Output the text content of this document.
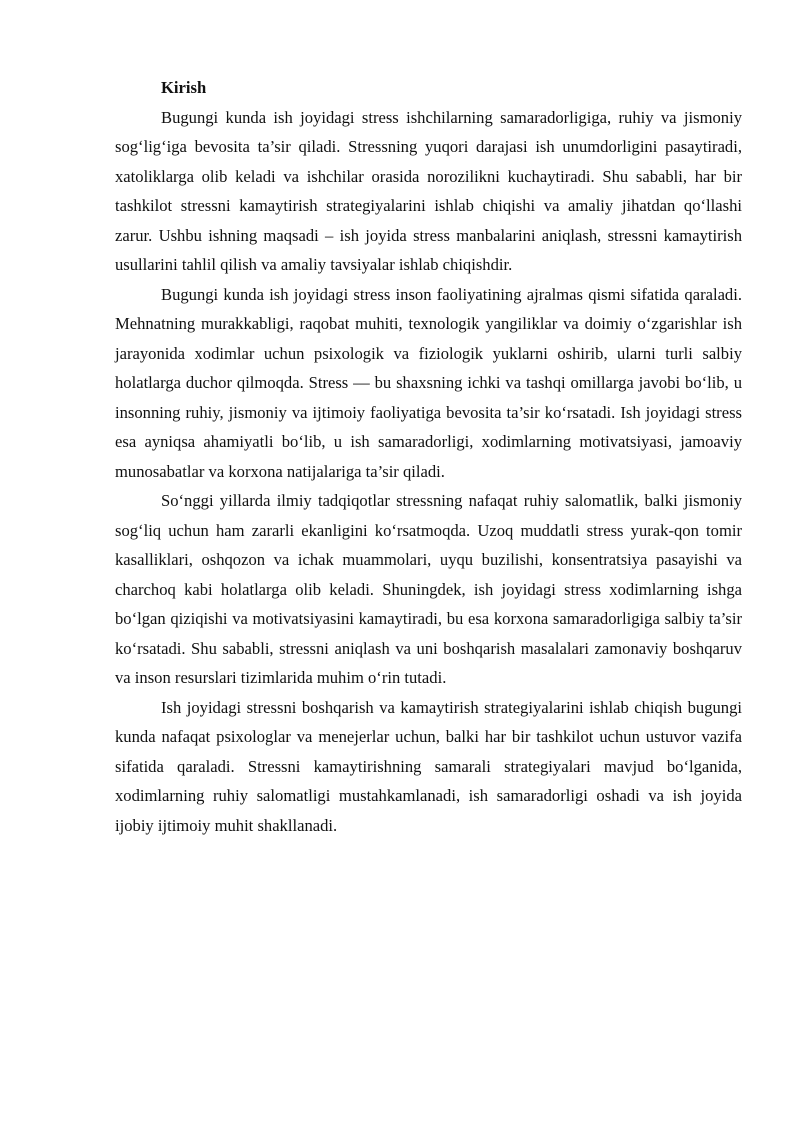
Kirish

Bugungi kunda ish joyidagi stress ishchilarning samaradorligiga, ruhiy va jismoniy sog‘lig‘iga bevosita ta’sir qiladi. Stressning yuqori darajasi ish unumdorligini pasaytiradi, xatoliklarga olib keladi va ishchilar orasida norozilikni kuchaytiradi. Shu sababli, har bir tashkilot stressni kamaytirish strategiyalarini ishlab chiqishi va amaliy jihatdan qo‘llashi zarur. Ushbu ishning maqsadi – ish joyida stress manbalarini aniqlash, stressni kamaytirish usullarini tahlil qilish va amaliy tavsiyalar ishlab chiqishdir.

Bugungi kunda ish joyidagi stress inson faoliyatining ajralmas qismi sifatida qaraladi. Mehnatning murakkabligi, raqobat muhiti, texnologik yangiliklar va doimiy o‘zgarishlar ish jarayonida xodimlar uchun psixologik va fiziologik yuklarni oshirib, ularni turli salbiy holatlarga duchor qilmoqda. Stress — bu shaxsning ichki va tashqi omillarga javobi bo‘lib, u insonning ruhiy, jismoniy va ijtimoiy faoliyatiga bevosita ta’sir ko‘rsatadi. Ish joyidagi stress esa ayniqsa ahamiyatli bo‘lib, u ish samaradorligi, xodimlarning motivatsiyasi, jamoaviy munosabatlar va korxona natijalariga ta’sir qiladi.

So‘nggi yillarda ilmiy tadqiqotlar stressning nafaqat ruhiy salomatlik, balki jismoniy sog‘liq uchun ham zararli ekanligini ko‘rsatmoqda. Uzoq muddatli stress yurak-qon tomir kasalliklari, oshqozon va ichak muammolari, uyqu buzilishi, konsentratsiya pasayishi va charchoq kabi holatlarga olib keladi. Shuningdek, ish joyidagi stress xodimlarning ishga bo‘lgan qiziqishi va motivatsiyasini kamaytiradi, bu esa korxona samaradorligiga salbiy ta’sir ko‘rsatadi. Shu sababli, stressni aniqlash va uni boshqarish masalalari zamonaviy boshqaruv va inson resurslari tizimlarida muhim o‘rin tutadi.

Ish joyidagi stressni boshqarish va kamaytirish strategiyalarini ishlab chiqish bugungi kunda nafaqat psixologlar va menejerlar uchun, balki har bir tashkilot uchun ustuvor vazifa sifatida qaraladi. Stressni kamaytirishning samarali strategiyalari mavjud bo‘lganida, xodimlarning ruhiy salomatligi mustahkamlanadi, ish samaradorligi oshadi va ish joyida ijobiy ijtimoiy muhit shakllanadi.
